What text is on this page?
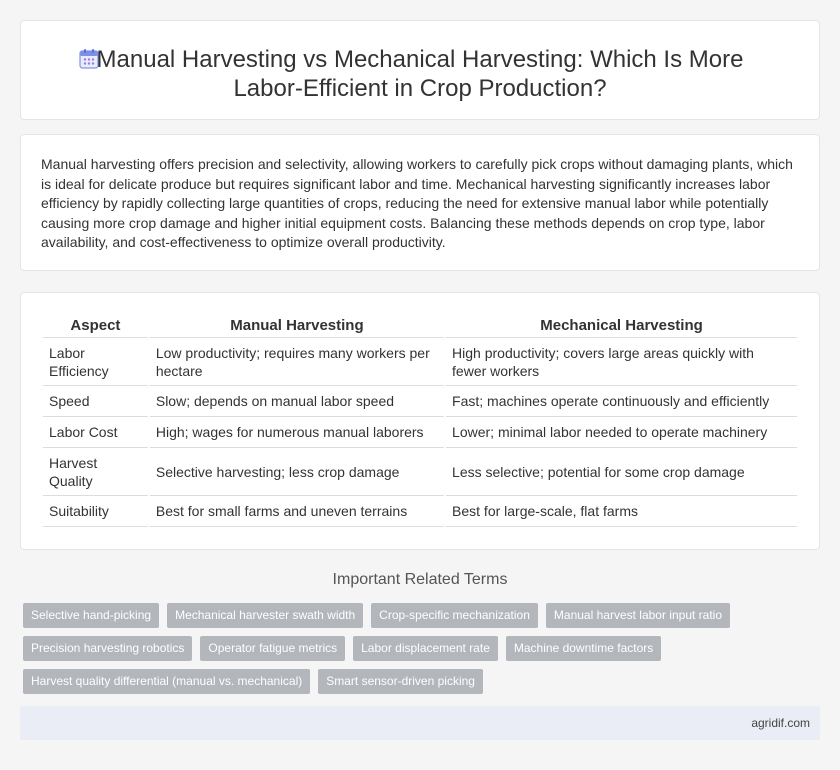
Manual Harvesting vs Mechanical Harvesting: Which Is More Labor-Efficient in Crop Production?

Manual harvesting offers precision and selectivity, allowing workers to carefully pick crops without damaging plants, which is ideal for delicate produce but requires significant labor and time. Mechanical harvesting significantly increases labor efficiency by rapidly collecting large quantities of crops, reducing the need for extensive manual labor while potentially causing more crop damage and higher initial equipment costs. Balancing these methods depends on crop type, labor availability, and cost-effectiveness to optimize overall productivity.

Aspect	Manual Harvesting	Mechanical Harvesting
Labor Efficiency	Low productivity; requires many workers per hectare	High productivity; covers large areas quickly with fewer workers
Speed	Slow; depends on manual labor speed	Fast; machines operate continuously and efficiently
Labor Cost	High; wages for numerous manual laborers	Lower; minimal labor needed to operate machinery
Harvest Quality	Selective harvesting; less crop damage	Less selective; potential for some crop damage
Suitability	Best for small farms and uneven terrains	Best for large-scale, flat farms
Important Related Terms
Selective hand-picking	Mechanical harvester swath width	Crop-specific mechanization	Manual harvest labor input ratio
Precision harvesting robotics	Operator fatigue metrics	Labor displacement rate	Machine downtime factors
Harvest quality differential (manual vs. mechanical)	Smart sensor-driven picking
agridif.com
